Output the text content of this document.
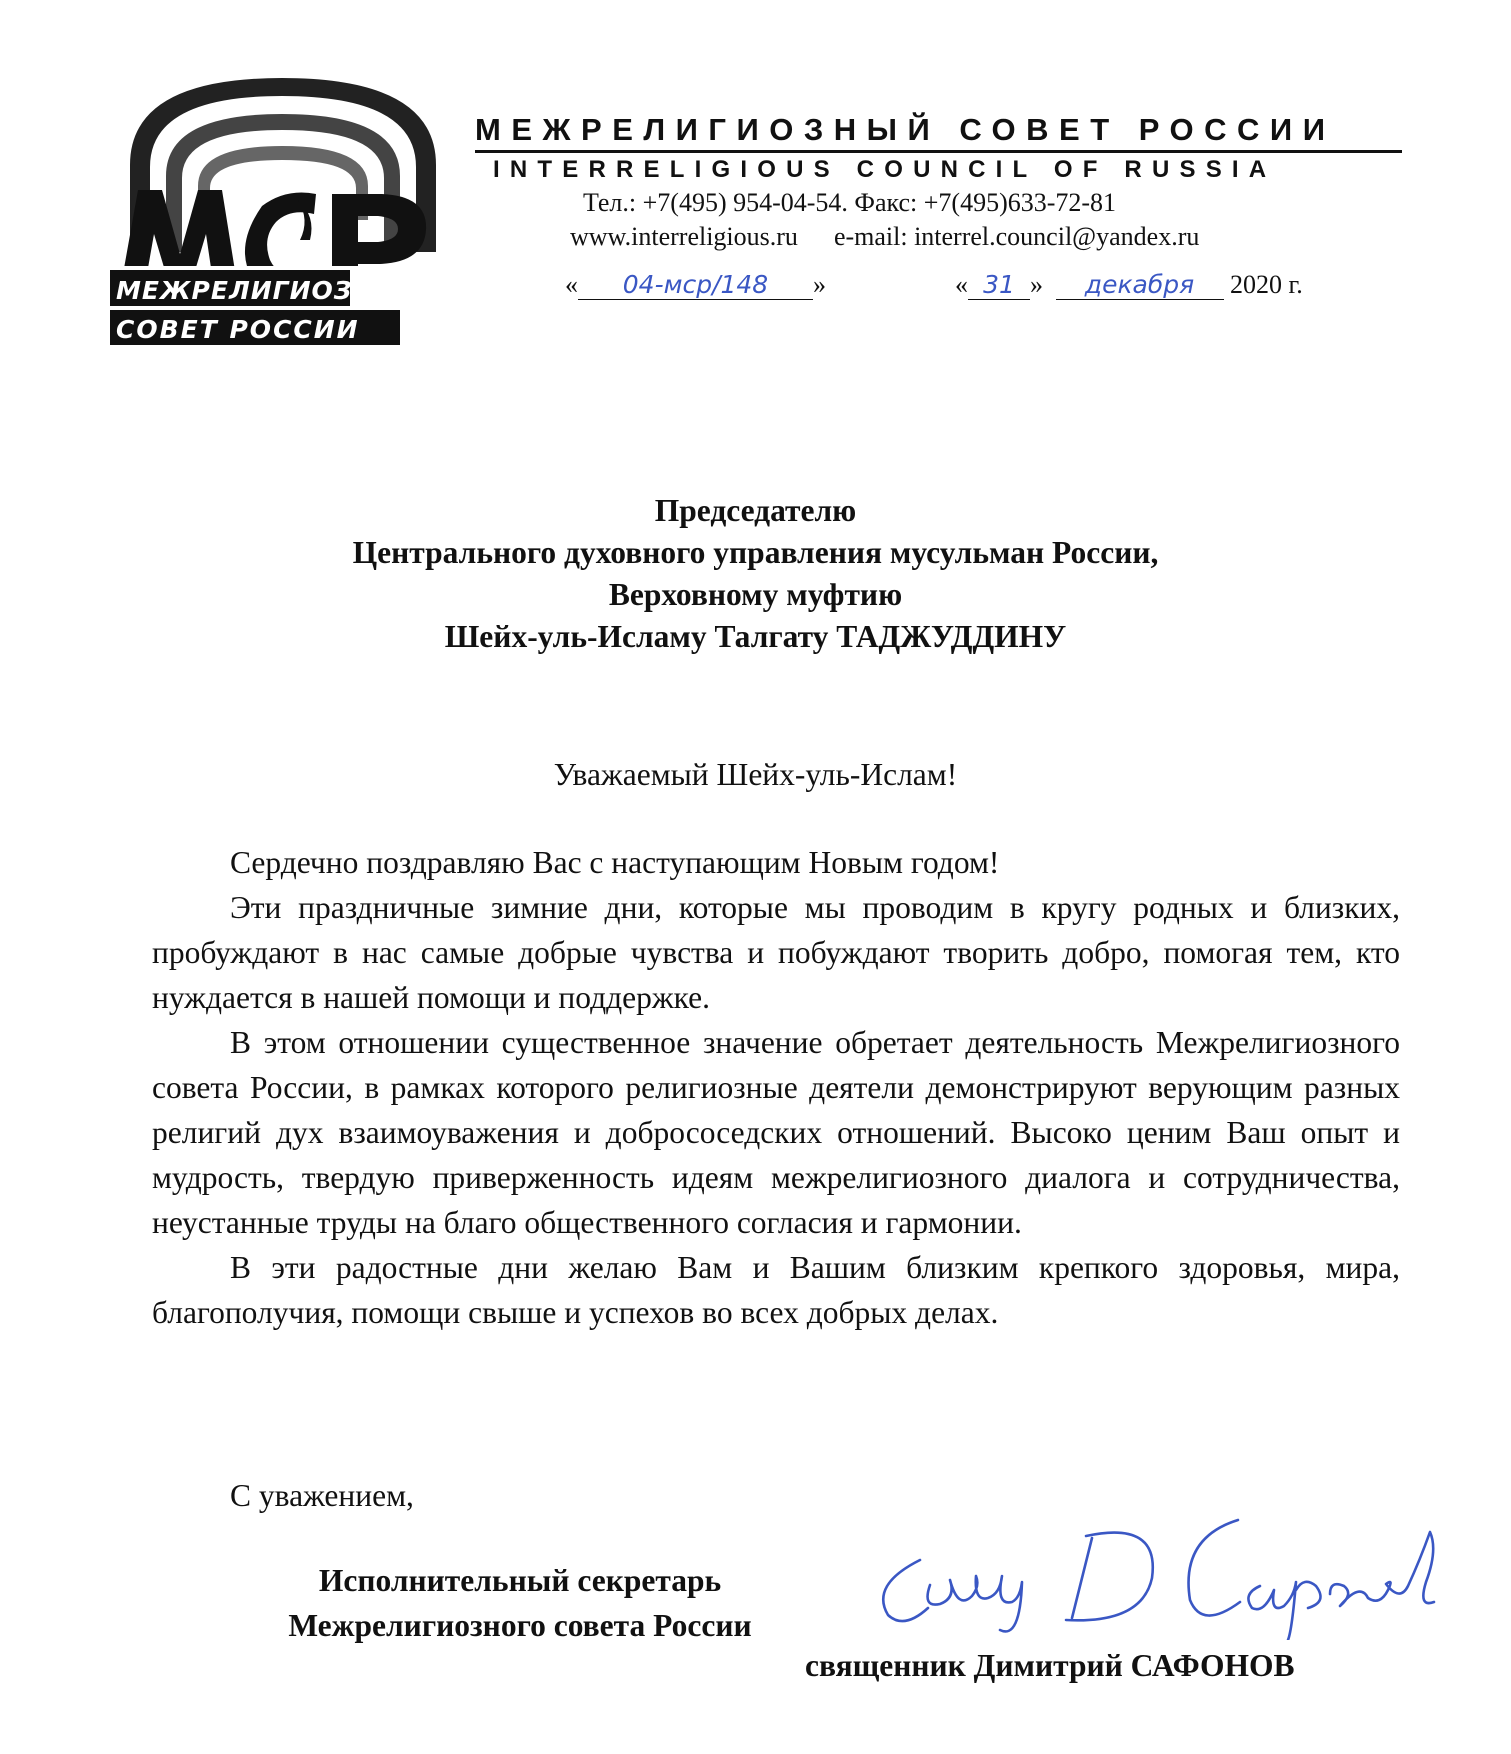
МЕЖРЕЛИГИОЗНЫЙ
СОВЕТ РОССИИ
МЕЖРЕЛИГИОЗНЫЙ СОВЕТ РОССИИ
INTERRELIGIOUS COUNCIL OF RUSSIA
Тел.: +7(495) 954-04-54. Факс: +7(495)633-72-81
www.interreligious.ru e-mail: interrel.council@yandex.ru
« 04-мср/148 »	« 31 » декабря 2020 г.
Председателю
Центрального духовного управления мусульман России,
Верховному муфтию
Шейх-уль-Исламу Талгату ТАДЖУДДИНУ
Уважаемый Шейх-уль-Ислам!

Сердечно поздравляю Вас с наступающим Новым годом!

Эти праздничные зимние дни, которые мы проводим в кругу родных и близких, пробуждают в нас самые добрые чувства и побуждают творить добро, помогая тем, кто нуждается в нашей помощи и поддержке.

В этом отношении существенное значение обретает деятельность Межрелигиозного совета России, в рамках которого религиозные деятели демонстрируют верующим разных религий дух взаимоуважения и добрососедских отношений. Высоко ценим Ваш опыт и мудрость, твердую приверженность идеям межрелигиозного диалога и сотрудничества, неустанные труды на благо общественного согласия и гармонии.

В эти радостные дни желаю Вам и Вашим близким крепкого здоровья, мира, благополучия, помощи свыше и успехов во всех добрых делах.

С уважением,
Исполнительный секретарь
Межрелигиозного совета России
свящ Д Сафонов
священник Димитрий САФОНОВ
